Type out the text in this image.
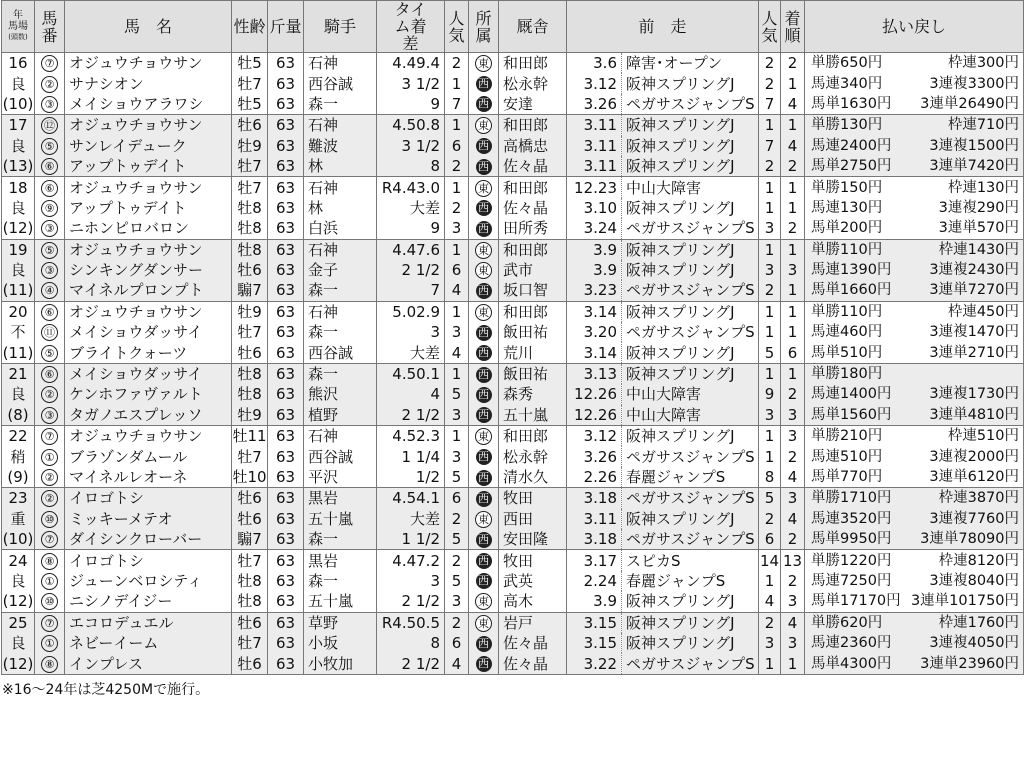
年
馬場
(頭数)	馬番	馬　名	性齢	斤量	騎手	タイム着差	人気	所属	厩舎	前　走		人気	着順	払い戻し
16	⑦	オジュウチョウサン	牡5	63	石神	4.49.4	2	東	和田郎	3.6	障害･オープン	2	2	単勝650円 枠連300円

良	②	サナシオン	牡7	63	西谷誠	3 1/2	1	西	松永幹	3.12	阪神スプリングJ	2	1	馬連340円 3連複3300円

(10)	③	メイショウアラワシ	牡5	63	森一	9	7	西	安達	3.26	ペガサスジャンプS	7	4	馬単1630円 3連単26490円

17	⑫	オジュウチョウサン	牡6	63	石神	4.50.8	1	東	和田郎	3.11	阪神スプリングJ	1	1	単勝130円 枠連710円

良	⑤	サンレイデューク	牡9	63	難波	3 1/2	6	西	高橋忠	3.11	阪神スプリングJ	7	4	馬連2400円 3連複1500円

(13)	⑥	アップトゥデイト	牡7	63	林	8	2	西	佐々晶	3.11	阪神スプリングJ	2	2	馬単2750円 3連単7420円

18	⑥	オジュウチョウサン	牡7	63	石神	R4.43.0	1	東	和田郎	12.23	中山大障害	1	1	単勝150円 枠連130円

良	⑨	アップトゥデイト	牡8	63	林	大差	2	西	佐々晶	3.10	阪神スプリングJ	1	1	馬連130円 3連複290円

(12)	③	ニホンピロバロン	牡8	63	白浜	9	3	西	田所秀	3.24	ペガサスジャンプS	3	2	馬単200円 3連単570円

19	⑤	オジュウチョウサン	牡8	63	石神	4.47.6	1	東	和田郎	3.9	阪神スプリングJ	1	1	単勝110円 枠連1430円

良	③	シンキングダンサー	牡6	63	金子	2 1/2	6	東	武市	3.9	阪神スプリングJ	3	3	馬連1390円 3連複2430円

(11)	④	マイネルプロンプト	騸7	63	森一	7	4	西	坂口智	3.23	ペガサスジャンプS	2	1	馬単1660円 3連単7270円

20	⑥	オジュウチョウサン	牡9	63	石神	5.02.9	1	東	和田郎	3.14	阪神スプリングJ	1	1	単勝110円 枠連450円

不	⑪	メイショウダッサイ	牡7	63	森一	3	3	西	飯田祐	3.20	ペガサスジャンプS	1	1	馬連460円 3連複1470円

(11)	⑤	ブライトクォーツ	牡6	63	西谷誠	大差	4	西	荒川	3.14	阪神スプリングJ	5	6	馬単510円 3連単2710円

21	⑥	メイショウダッサイ	牡8	63	森一	4.50.1	1	西	飯田祐	3.13	阪神スプリングJ	1	1	単勝180円

良	②	ケンホファヴァルト	牡8	63	熊沢	4	5	西	森秀	12.26	中山大障害	9	2	馬連1400円 3連複1730円

(8)	③	タガノエスプレッソ	牡9	63	植野	2 1/2	3	西	五十嵐	12.26	中山大障害	3	3	馬単1560円 3連単4810円

22	⑦	オジュウチョウサン	牡11	63	石神	4.52.3	1	東	和田郎	3.12	阪神スプリングJ	1	3	単勝210円 枠連510円

稍	①	ブラゾンダムール	牡7	63	西谷誠	1 1/4	3	西	松永幹	3.26	ペガサスジャンプS	1	2	馬連510円 3連複2000円

(9)	②	マイネルレオーネ	牡10	63	平沢	1/2	5	西	清水久	2.26	春麗ジャンプS	8	4	馬単770円 3連単6120円

23	②	イロゴトシ	牡6	63	黒岩	4.54.1	6	西	牧田	3.18	ペガサスジャンプS	5	3	単勝1710円 枠連3870円

重	⑩	ミッキーメテオ	牡6	63	五十嵐	大差	2	東	西田	3.11	阪神スプリングJ	2	4	馬連3520円 3連複7760円

(10)	⑦	ダイシンクローバー	騸7	63	森一	1 1/2	5	西	安田隆	3.18	ペガサスジャンプS	6	2	馬単9950円 3連単78090円

24	⑧	イロゴトシ	牡7	63	黒岩	4.47.2	2	西	牧田	3.17	スピカS	14	13	単勝1220円 枠連8120円

良	①	ジューンベロシティ	牡8	63	森一	3	5	西	武英	2.24	春麗ジャンプS	1	2	馬連7250円 3連複8040円

(12)	⑩	ニシノデイジー	牡8	63	五十嵐	2 1/2	3	東	高木	3.9	阪神スプリングJ	4	3	馬単17170円 3連単101750円

25	⑦	エコロデュエル	牡6	63	草野	R4.50.5	2	東	岩戸	3.15	阪神スプリングJ	2	4	単勝620円 枠連1760円

良	①	ネビーイーム	牡7	63	小坂	8	6	西	佐々晶	3.15	阪神スプリングJ	3	3	馬連2360円 3連複4050円

(12)	⑧	インプレス	牡6	63	小牧加	2 1/2	4	西	佐々晶	3.22	ペガサスジャンプS	1	1	馬単4300円 3連単23960円
※16〜24年は芝4250Mで施行。
